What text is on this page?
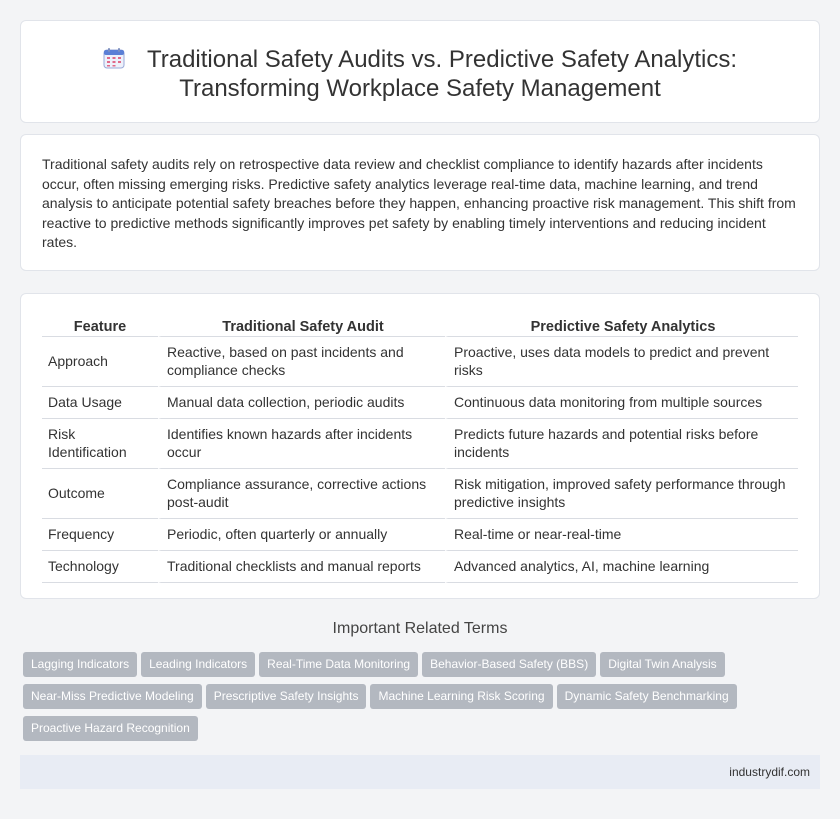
Traditional Safety Audits vs. Predictive Safety Analytics:
Transforming Workplace Safety Management

Traditional safety audits rely on retrospective data review and checklist compliance to identify hazards after incidents occur, often missing emerging risks. Predictive safety analytics leverage real-time data, machine learning, and trend analysis to anticipate potential safety breaches before they happen, enhancing proactive risk management. This shift from reactive to predictive methods significantly improves pet safety by enabling timely interventions and reducing incident rates.

Feature	Traditional Safety Audit	Predictive Safety Analytics
Approach	Reactive, based on past incidents and compliance checks	Proactive, uses data models to predict and prevent risks
Data Usage	Manual data collection, periodic audits	Continuous data monitoring from multiple sources
Risk Identification	Identifies known hazards after incidents occur	Predicts future hazards and potential risks before incidents
Outcome	Compliance assurance, corrective actions post-audit	Risk mitigation, improved safety performance through predictive insights
Frequency	Periodic, often quarterly or annually	Real-time or near-real-time
Technology	Traditional checklists and manual reports	Advanced analytics, AI, machine learning
Important Related Terms
Lagging Indicators Leading Indicators Real-Time Data Monitoring Behavior-Based Safety (BBS) Digital Twin AnalysisNear-Miss Predictive Modeling Prescriptive Safety Insights Machine Learning Risk Scoring Dynamic Safety BenchmarkingProactive Hazard Recognition
industrydif.com
